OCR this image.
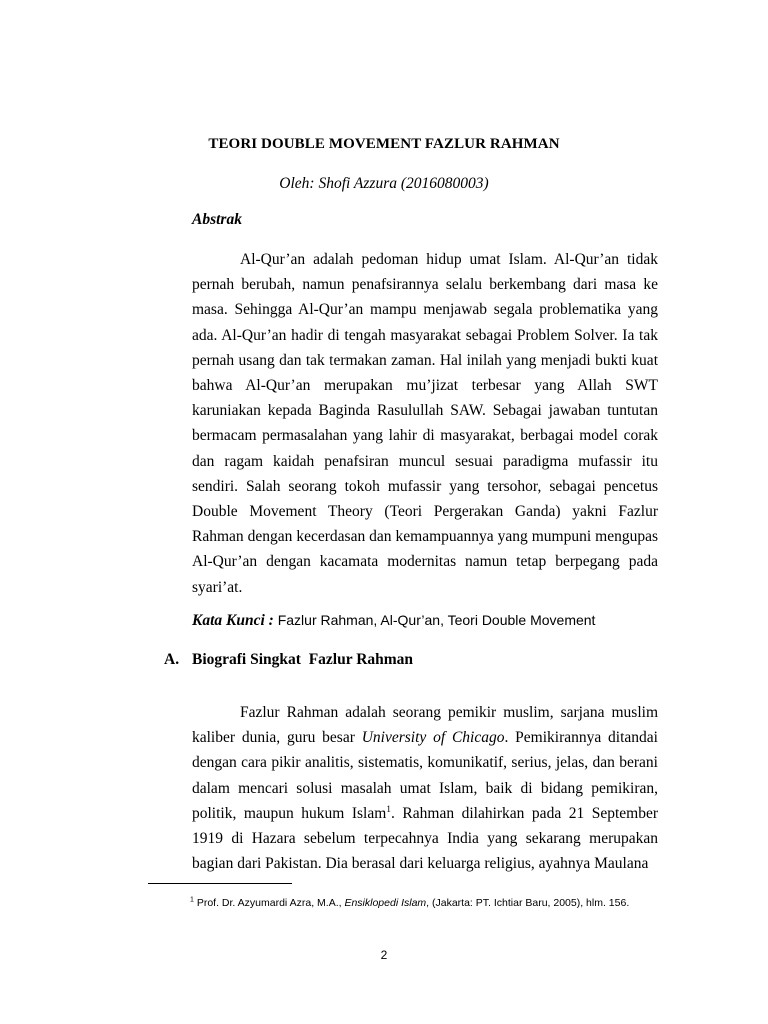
TEORI DOUBLE MOVEMENT FAZLUR RAHMAN
Oleh: Shofi Azzura (2016080003)
Abstrak

Al-Qur’an adalah pedoman hidup umat Islam. Al-Qur’an tidak pernah berubah, namun penafsirannya selalu berkembang dari masa ke masa. Sehingga Al-Qur’an mampu menjawab segala problematika yang ada. Al-Qur’an hadir di tengah masyarakat sebagai Problem Solver. Ia tak pernah usang dan tak termakan zaman. Hal inilah yang menjadi bukti kuat bahwa Al-Qur’an merupakan mu’jizat terbesar yang Allah SWT karuniakan kepada Baginda Rasulullah SAW. Sebagai jawaban tuntutan bermacam permasalahan yang lahir di masyarakat, berbagai model corak dan ragam kaidah penafsiran muncul sesuai paradigma mufassir itu sendiri. Salah seorang tokoh mufassir yang tersohor, sebagai pencetus Double Movement Theory (Teori Pergerakan Ganda) yakni Fazlur Rahman dengan kecerdasan dan kemampuannya yang mumpuni mengupas Al-Qur’an dengan kacamata modernitas namun tetap berpegang pada syari’at.

Kata Kunci : Fazlur Rahman, Al-Qur’an, Teori Double Movement
A. Biografi Singkat  Fazlur Rahman

Fazlur Rahman adalah seorang pemikir muslim, sarjana muslim kaliber dunia, guru besar University of Chicago. Pemikirannya ditandai dengan cara pikir analitis, sistematis, komunikatif, serius, jelas, dan berani dalam mencari solusi masalah umat Islam, baik di bidang pemikiran, politik, maupun hukum Islam$^1$. Rahman dilahirkan pada 21 September 1919 di Hazara sebelum terpecahnya India yang sekarang merupakan bagian dari Pakistan. Dia berasal dari keluarga religius, ayahnya Maulana

$^1$ Prof. Dr. Azyumardi Azra, M.A., Ensiklopedi Islam, (Jakarta: PT. Ichtiar Baru, 2005), hlm. 156.

2
